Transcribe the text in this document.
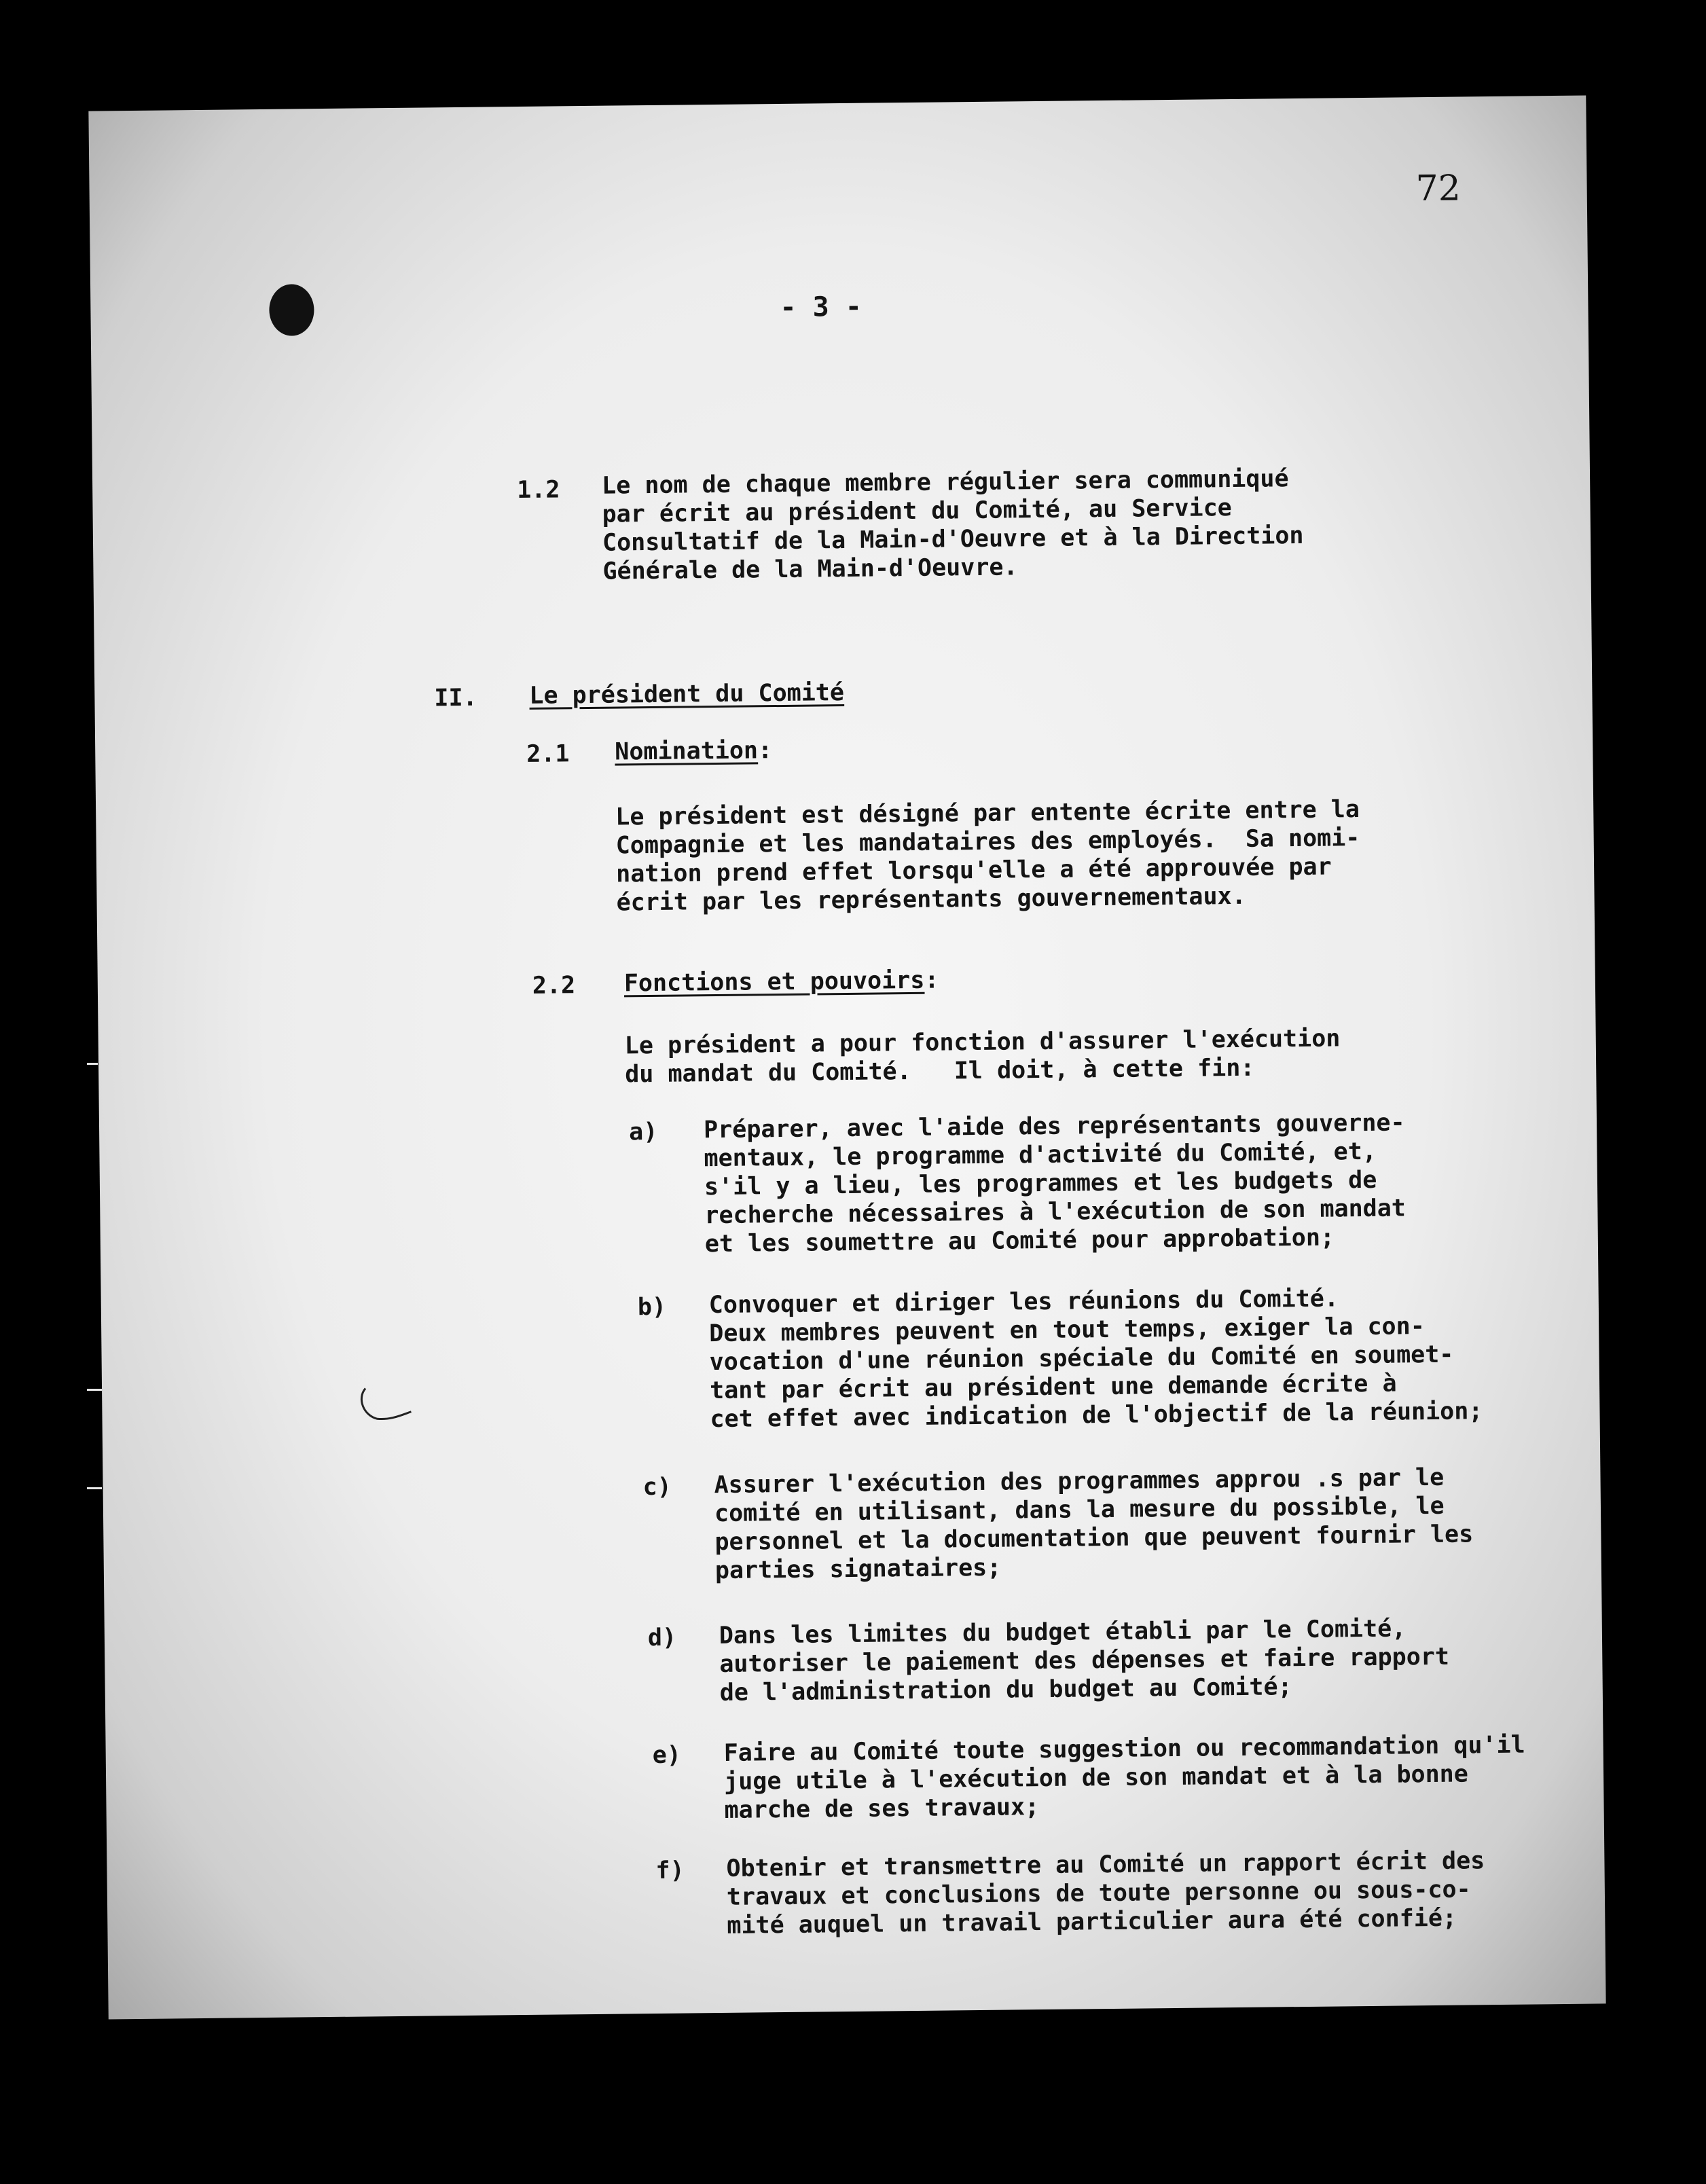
72
- 3 -
1.2 Le nom de chaque membre régulier sera communiqué
par écrit au président du Comité, au Service
Consultatif de la Main-d'Oeuvre et à la Direction
Générale de la Main-d'Oeuvre.
II. Le président du Comité
2.1 Nomination:
Le président est désigné par entente écrite entre la
Compagnie et les mandataires des employés.  Sa nomi-
nation prend effet lorsqu'elle a été approuvée par
écrit par les représentants gouvernementaux.
2.2 Fonctions et pouvoirs:
Le président a pour fonction d'assurer l'exécution
du mandat du Comité.   Il doit, à cette fin:
a) Préparer, avec l'aide des représentants gouverne-
mentaux, le programme d'activité du Comité, et,
s'il y a lieu, les programmes et les budgets de
recherche nécessaires à l'exécution de son mandat
et les soumettre au Comité pour approbation;
b) Convoquer et diriger les réunions du Comité.
Deux membres peuvent en tout temps, exiger la con-
vocation d'une réunion spéciale du Comité en soumet-
tant par écrit au président une demande écrite à
cet effet avec indication de l'objectif de la réunion;
c) Assurer l'exécution des programmes approu .s par le
comité en utilisant, dans la mesure du possible, le
personnel et la documentation que peuvent fournir les
parties signataires;
d) Dans les limites du budget établi par le Comité,
autoriser le paiement des dépenses et faire rapport
de l'administration du budget au Comité;
e) Faire au Comité toute suggestion ou recommandation qu'il
juge utile à l'exécution de son mandat et à la bonne
marche de ses travaux;
f) Obtenir et transmettre au Comité un rapport écrit des
travaux et conclusions de toute personne ou sous-co-
mité auquel un travail particulier aura été confié;
